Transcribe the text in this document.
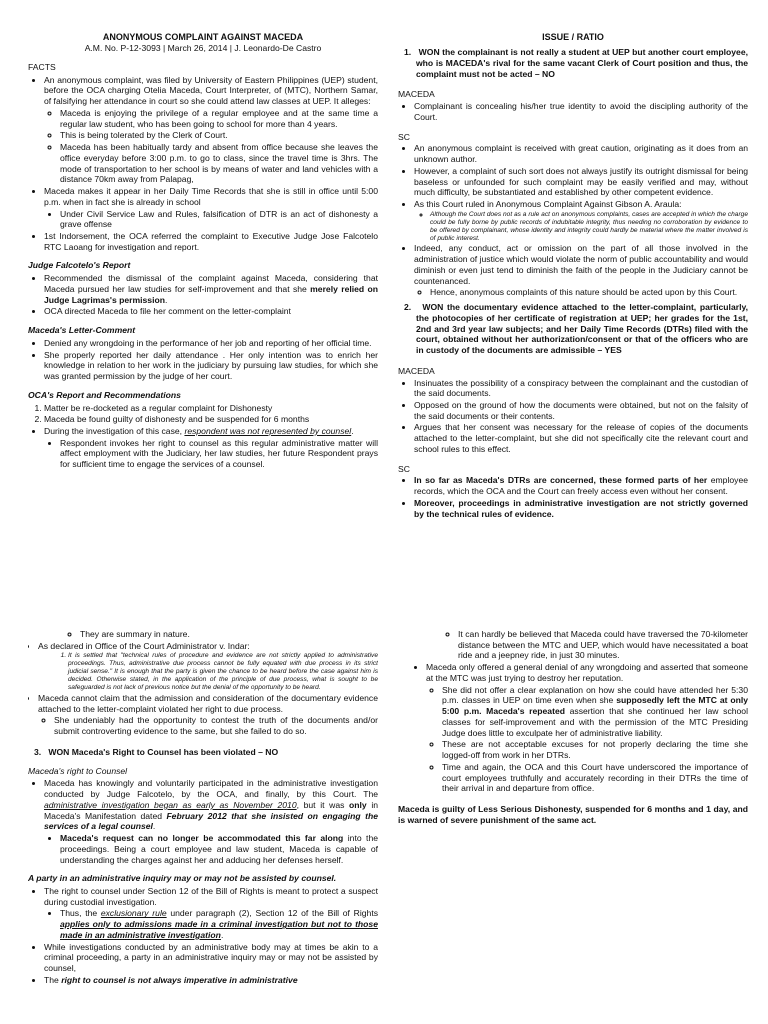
ANONYMOUS COMPLAINT AGAINST MACEDA
A.M. No. P-12-3093 | March 26, 2014 | J. Leonardo-De Castro
FACTS
• An anonymous complaint, was filed by University of Eastern Philippines (UEP) student, before the OCA charging Otelia Maceda, Court Interpreter, of (MTC), Northern Samar, of falsifying her attendance in court so she could attend law classes at UEP. It alleges:
◦ Maceda is enjoying the privilege of a regular employee and at the same time a regular law student, who has been going to school for more than 4 years.
◦ This is being tolerated by the Clerk of Court.
◦ Maceda has been habitually tardy and absent from office because she leaves the office everyday before 3:00 p.m. to go to class, since the travel time is 3hrs. The mode of transportation to her school is by means of water and land vehicles with a distance 70km away from Palapag,
• Maceda makes it appear in her Daily Time Records that she is still in office until 5:00 p.m. when in fact she is already in school
• Under Civil Service Law and Rules, falsification of DTR is an act of dishonesty a grave offense
• 1st Indorsement, the OCA referred the complaint to Executive Judge Jose Falcotelo RTC Laoang for investigation and report.
Judge Falcotelo's Report
• Recommended the dismissal of the complaint against Maceda, considering that Maceda pursued her law studies for self-improvement and that she merely relied on Judge Lagrimas's permission.
• OCA directed Maceda to file her comment on the letter-complaint
Maceda's Letter-Comment
• Denied any wrongdoing in the performance of her job and reporting of her official time.
• She properly reported her daily attendance . Her only intention was to enrich her knowledge in relation to her work in the judiciary by pursuing law studies, for which she was granted permission by the judge of her court.
OCA's Report and Recommendations
1. Matter be re-docketed as a regular complaint for Dishonesty
2. Maceda be found guilty of dishonesty and be suspended for 6 months
• During the investigation of this case, respondent was not represented by counsel.
• Respondent invokes her right to counsel as this regular administrative matter will affect employment with the Judiciary, her law studies, her future Respondent prays for sufficient time to engage the services of a counsel.
ISSUE / RATIO
1.   WON the complainant is not really a student at UEP but another court employee, who is MACEDA's rival for the same vacant Clerk of Court position and thus, the complaint must not be acted – NO
MACEDA
• Complainant is concealing his/her true identity to avoid the discipling authority of the Court.
SC
• An anonymous complaint is received with great caution, originating as it does from an unknown author.
• However, a complaint of such sort does not always justify its outright dismissal for being baseless or unfounded for such complaint may be easily verified and may, without much difficulty, be substantiated and established by other competent evidence.
• As this Court ruled in Anonymous Complaint Against Gibson A. Araula:
◦ Although the Court does not as a rule act on anonymous complaints, cases are accepted in which the charge could be fully borne by public records of indubitable integrity, thus needing no corroboration by evidence to be offered by complainant, whose identity and integrity could hardly be material where the matter involved is of public interest.
• Indeed, any conduct, act or omission on the part of all those involved in the administration of justice which would violate the norm of public accountability and would diminish or even just tend to diminish the faith of the people in the Judiciary cannot be countenanced.
◦ Hence, anonymous complaints of this nature should be acted upon by this Court.
2.   WON the documentary evidence attached to the letter-complaint, particularly, the photocopies of her certificate of registration at UEP; her grades for the 1st, 2nd and 3rd year law subjects; and her Daily Time Records (DTRs) filed with the court, obtained without her authorization/consent or that of the officers who are in custody of the documents are admissible – YES
MACEDA
• Insinuates the possibility of a conspiracy between the complainant and the custodian of the said documents.
• Opposed on the ground of how the documents were obtained, but not on the falsity of the said documents or their contents.
• Argues that her consent was necessary for the release of copies of the documents attached to the letter-complaint, but she did not specifically cite the relevant court and school rules to this effect.
SC
• In so far as Maceda's DTRs are concerned, these formed parts of her employee records, which the OCA and the Court can freely access even without her consent.
• Moreover, proceedings in administrative investigation are not strictly governed by the technical rules of evidence.
◦ They are summary in nature.
• As declared in Office of the Court Administrator v. Indar:
1. It is settled that "technical rules of procedure and evidence are not strictly applied to administrative proceedings. Thus, administrative due process cannot be fully equated with due process in its strict judicial sense." It is enough that the party is given the chance to be heard before the case against him is decided. Otherwise stated, in the application of the principle of due process, what is sought to be safeguarded is not lack of previous notice but the denial of the opportunity to be heard.
• Maceda cannot claim that the admission and consideration of the documentary evidence attached to the letter-complaint violated her right to due process.
◦ She undeniably had the opportunity to contest the truth of the documents and/or submit controverting evidence to the same, but she failed to do so.
3.   WON Maceda's Right to Counsel has been violated – NO
Maceda's right to Counsel
• Maceda has knowingly and voluntarily participated in the administrative investigation conducted by Judge Falcotelo, by the OCA, and finally, by this Court. The administrative investigation began as early as November 2010, but it was only in Maceda's Manifestation dated February 2012 that she insisted on engaging the services of a legal counsel.
• Maceda's request can no longer be accommodated this far along into the proceedings. Being a court employee and law student, Maceda is capable of understanding the charges against her and adducing her defenses herself.
A party in an administrative inquiry may or may not be assisted by counsel.
• The right to counsel under Section 12 of the Bill of Rights is meant to protect a suspect during custodial investigation.
• Thus, the exclusionary rule under paragraph (2), Section 12 of the Bill of Rights applies only to admissions made in a criminal investigation but not to those made in an administrative investigation.
• While investigations conducted by an administrative body may at times be akin to a criminal proceeding, a party in an administrative inquiry may or may not be assisted by counsel,
• The right to counsel is not always imperative in administrative
◦ It can hardly be believed that Maceda could have traversed the 70-kilometer distance between the MTC and UEP, which would have necessitated a boat ride and a jeepney ride, in just 30 minutes.
• Maceda only offered a general denial of any wrongdoing and asserted that someone at the MTC was just trying to destroy her reputation.
◦ She did not offer a clear explanation on how she could have attended her 5:30 p.m. classes in UEP on time even when she supposedly left the MTC at only 5:00 p.m. Maceda's repeated assertion that she continued her law school classes for self-improvement and with the permission of the MTC Presiding Judge does little to exculpate her of administrative liability.
◦ These are not acceptable excuses for not properly declaring the time she logged-off from work in her DTRs.
◦ Time and again, the OCA and this Court have underscored the importance of court employees truthfully and accurately recording in their DTRs the time of their arrival in and departure from office.
Maceda is guilty of Less Serious Dishonesty, suspended for 6 months and 1 day, and is warned of severe punishment of the same act.
